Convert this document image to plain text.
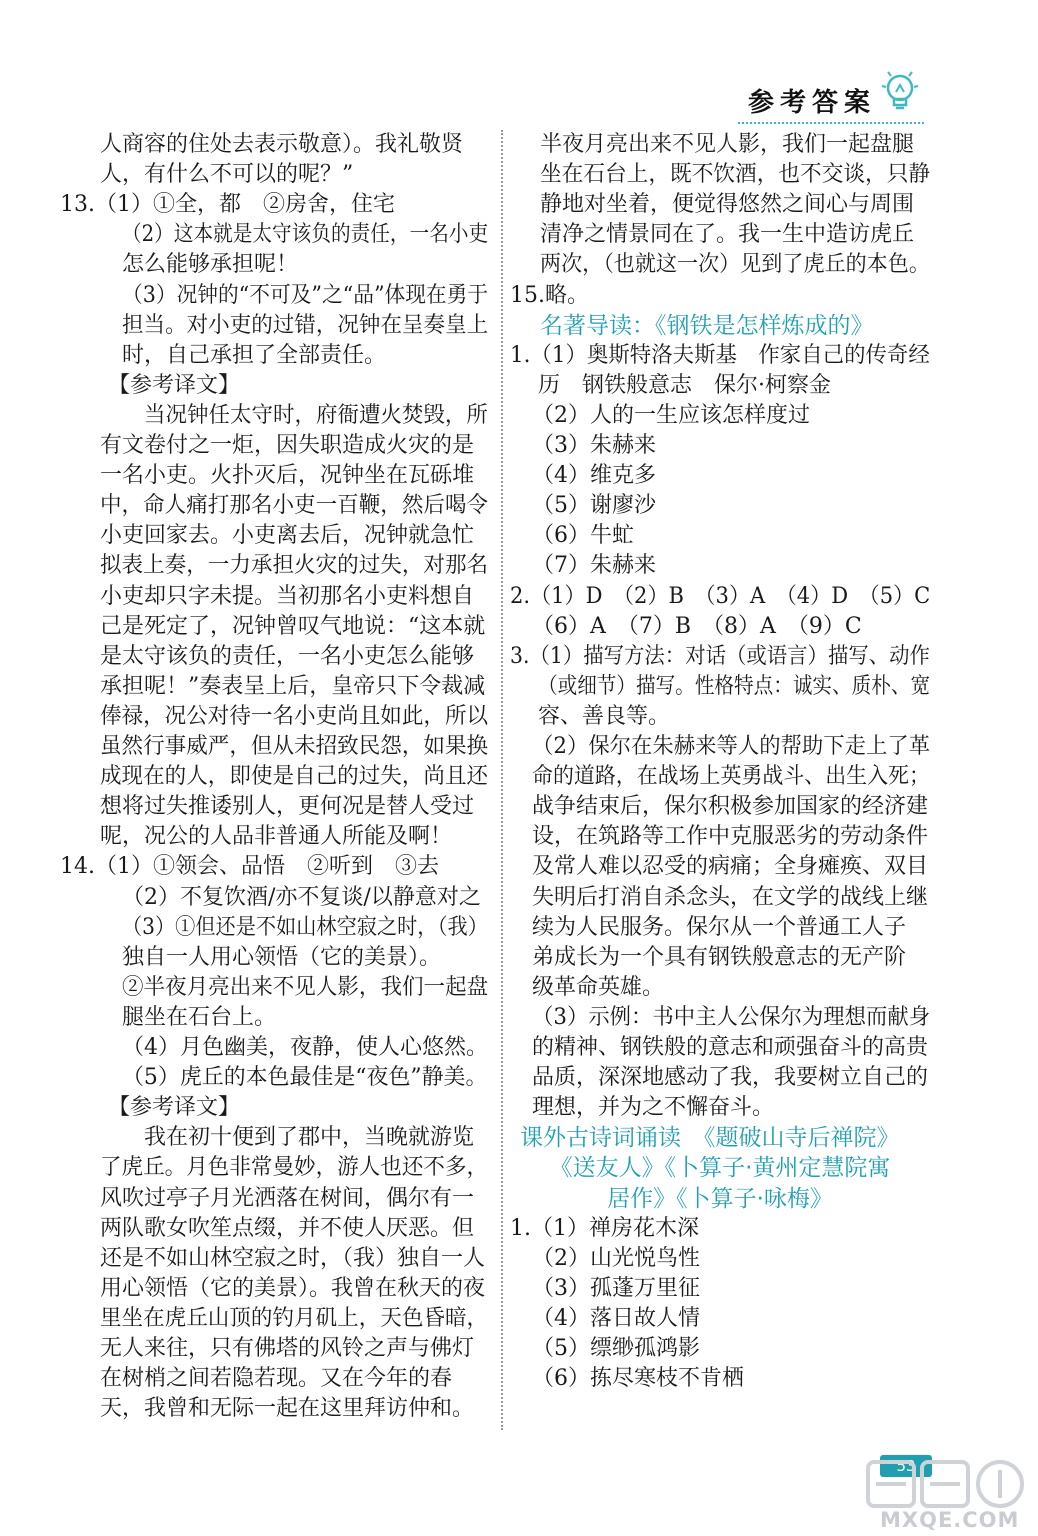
参考答案
人商容的住处去表示敬意）。我礼敬贤
人，有什么不可以的呢？”
13.（1）①全，都　②房舍，住宅
（2）这本就是太守该负的责任，一名小吏
怎么能够承担呢！
（3）况钟的“不可及”之“品”体现在勇于
担当。对小吏的过错，况钟在呈奏皇上
时，自己承担了全部责任。
【参考译文】
当况钟任太守时，府衙遭火焚毁，所
有文卷付之一炬，因失职造成火灾的是
一名小吏。火扑灭后，况钟坐在瓦砾堆
中，命人痛打那名小吏一百鞭，然后喝令
小吏回家去。小吏离去后，况钟就急忙
拟表上奏，一力承担火灾的过失，对那名
小吏却只字未提。当初那名小吏料想自
己是死定了，况钟曾叹气地说：“这本就
是太守该负的责任，一名小吏怎么能够
承担呢！”奏表呈上后，皇帝只下令裁减
俸禄，况公对待一名小吏尚且如此，所以
虽然行事威严，但从未招致民怨，如果换
成现在的人，即使是自己的过失，尚且还
想将过失推诿别人，更何况是替人受过
呢，况公的人品非普通人所能及啊！
14.（1）①领会、品悟　②听到　③去
（2）不复饮酒/亦不复谈/以静意对之
（3）①但还是不如山林空寂之时，（我）
独自一人用心领悟（它的美景）。
②半夜月亮出来不见人影，我们一起盘
腿坐在石台上。
（4）月色幽美，夜静，使人心悠然。
（5）虎丘的本色最佳是“夜色”静美。
【参考译文】
我在初十便到了郡中，当晚就游览
了虎丘。月色非常曼妙，游人也还不多，
风吹过亭子月光洒落在树间，偶尔有一
两队歌女吹笙点缀，并不使人厌恶。但
还是不如山林空寂之时，（我）独自一人
用心领悟（它的美景）。我曾在秋天的夜
里坐在虎丘山顶的钓月矶上，天色昏暗，
无人来往，只有佛塔的风铃之声与佛灯
在树梢之间若隐若现。又在今年的春
天，我曾和无际一起在这里拜访仲和。
半夜月亮出来不见人影，我们一起盘腿
坐在石台上，既不饮酒，也不交谈，只静
静地对坐着，便觉得悠然之间心与周围
清净之情景同在了。我一生中造访虎丘
两次，（也就这一次）见到了虎丘的本色。
15.略。
名著导读：《钢铁是怎样炼成的》
1.（1）奥斯特洛夫斯基　作家自己的传奇经
历　钢铁般意志　保尔·柯察金
（2）人的一生应该怎样度过
（3）朱赫来
（4）维克多
（5）谢廖沙
（6）牛虻
（7）朱赫来
2.（1）D　（2）B　（3）A　（4）D　（5）C
（6）A　（7）B　（8）A　（9）C
3.（1）描写方法：对话（或语言）描写、动作
（或细节）描写。性格特点：诚实、质朴、宽
容、善良等。
（2）保尔在朱赫来等人的帮助下走上了革
命的道路，在战场上英勇战斗、出生入死；
战争结束后，保尔积极参加国家的经济建
设，在筑路等工作中克服恶劣的劳动条件
及常人难以忍受的病痛；全身瘫痪、双目
失明后打消自杀念头，在文学的战线上继
续为人民服务。保尔从一个普通工人子
弟成长为一个具有钢铁般意志的无产阶
级革命英雄。
（3）示例：书中主人公保尔为理想而献身
的精神、钢铁般的意志和顽强奋斗的高贵
品质，深深地感动了我，我要树立自己的
理想，并为之不懈奋斗。
课外古诗词诵读　《题破山寺后禅院》
《送友人》《卜算子·黄州定慧院寓
居作》《卜算子·咏梅》
1.（1）禅房花木深
（2）山光悦鸟性
（3）孤蓬万里征
（4）落日故人情
（5）缥缈孤鸿影
（6）拣尽寒枝不肯栖
53
MXQE.COM
